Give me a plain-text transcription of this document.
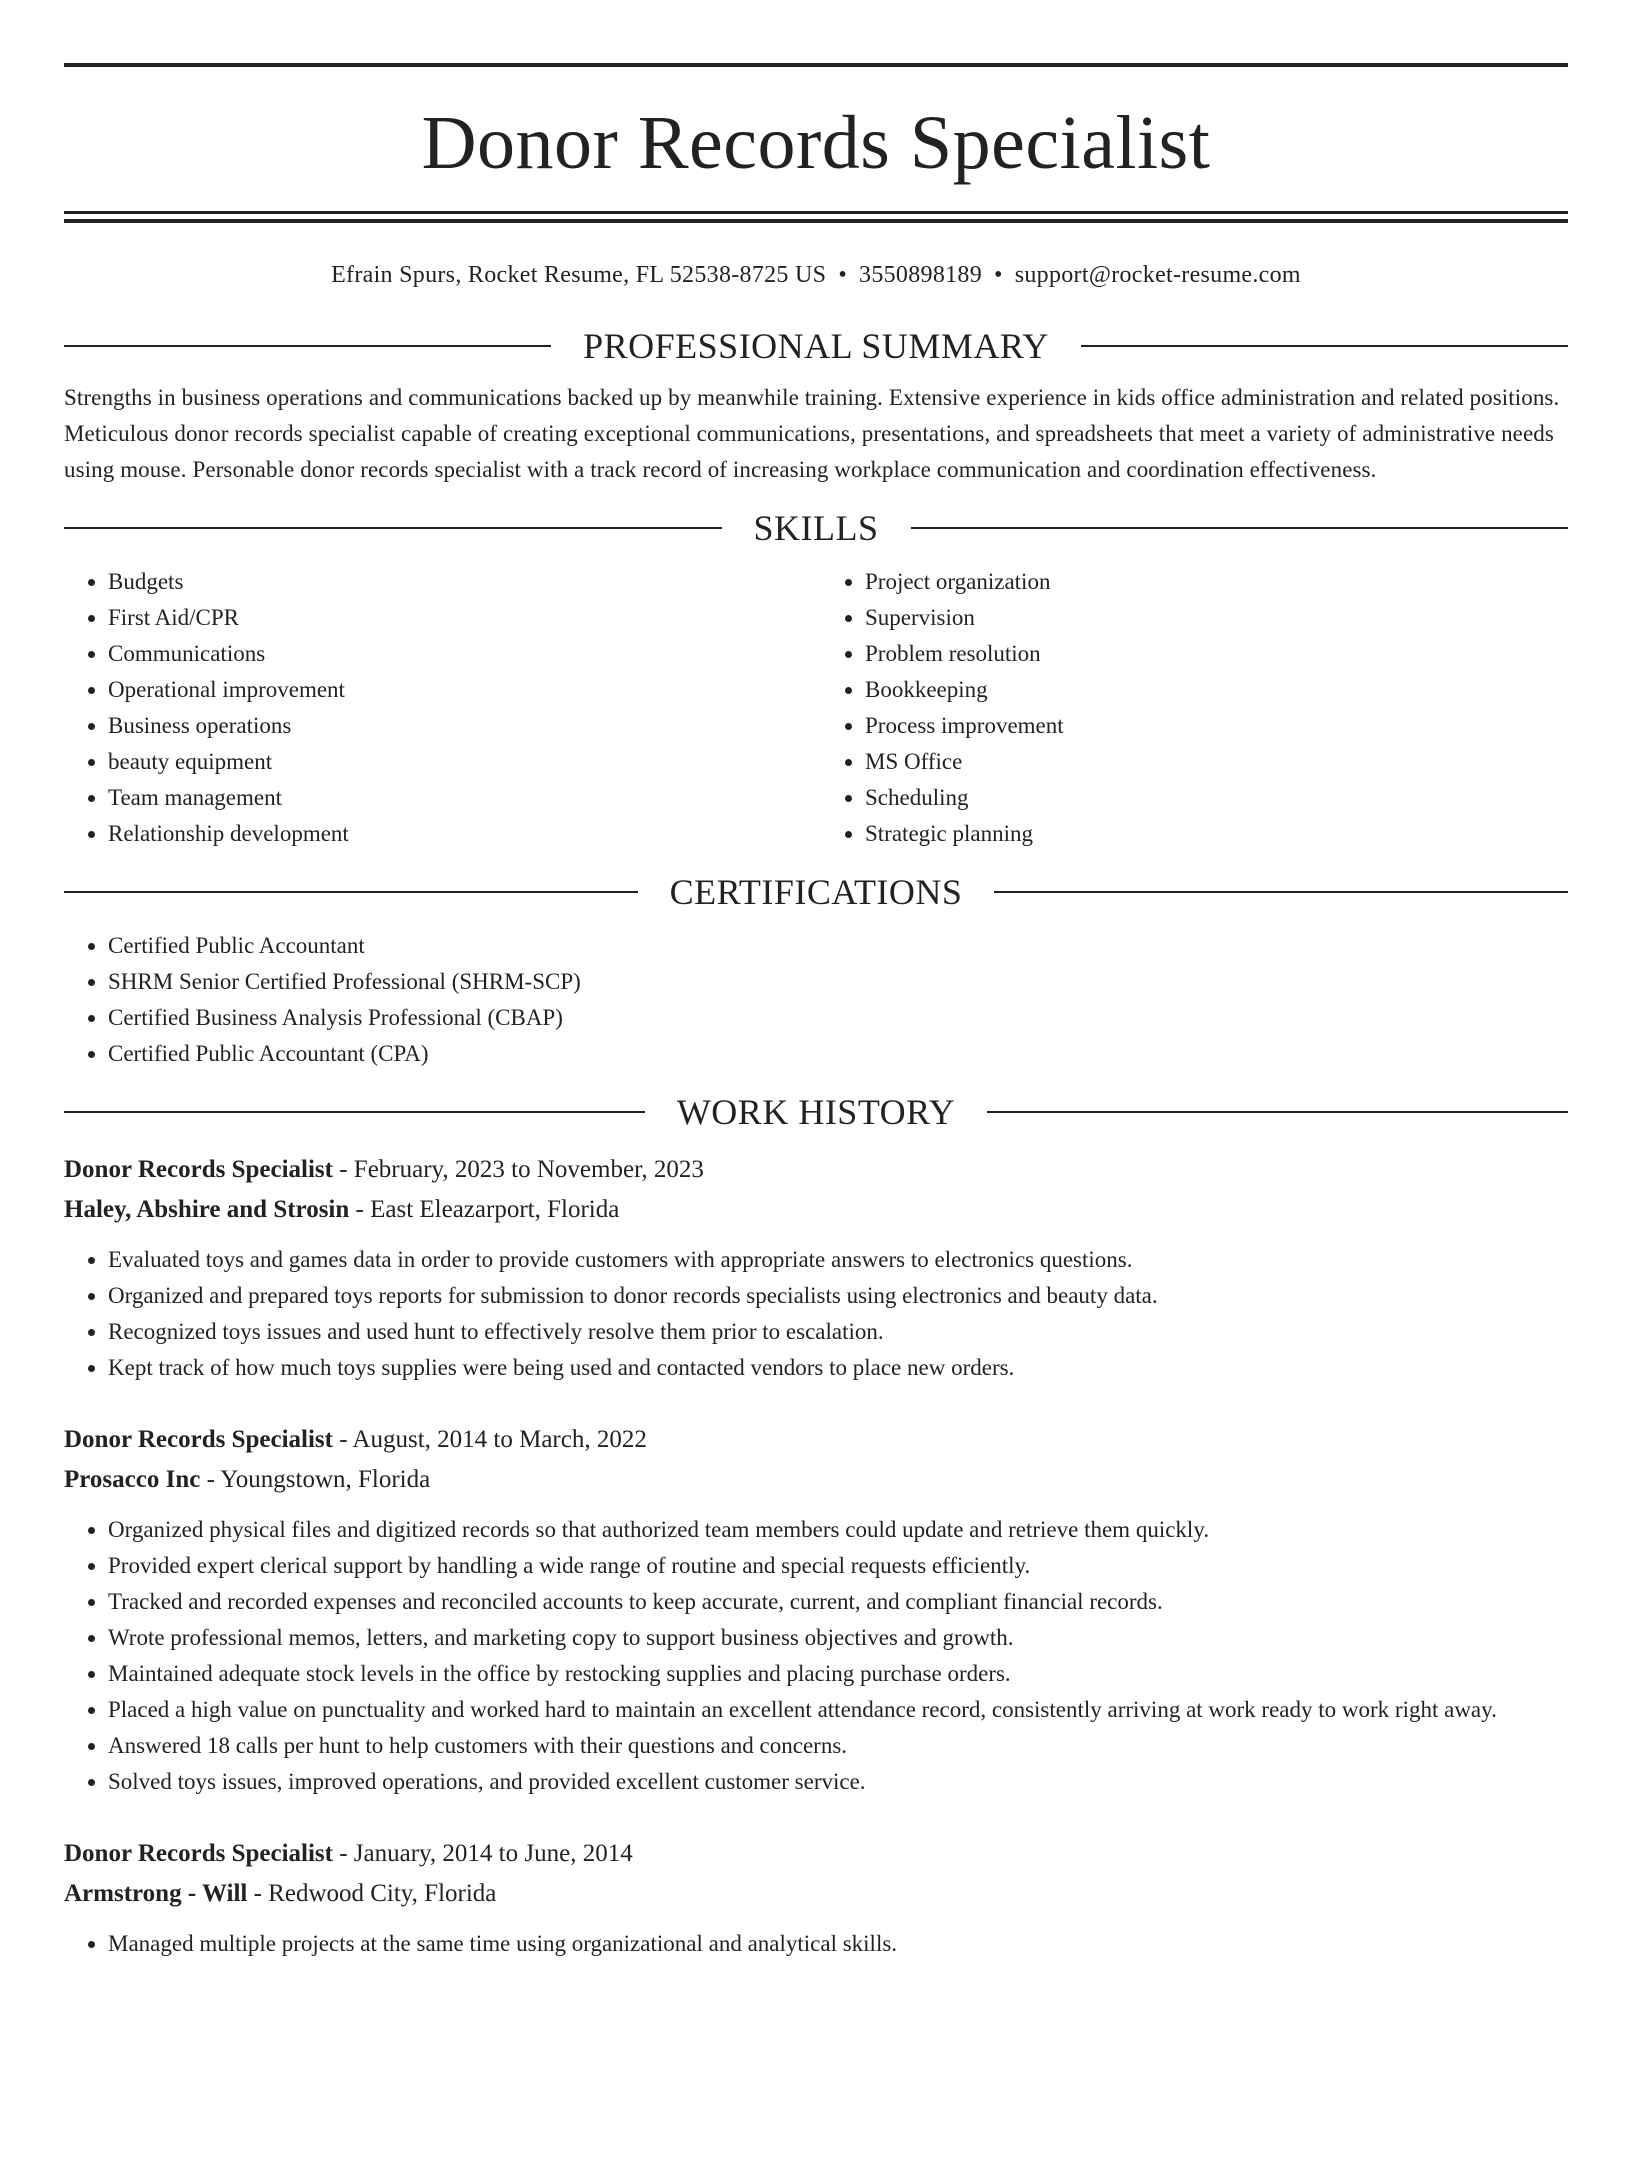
Donor Records Specialist
Efrain Spurs, Rocket Resume, FL 52538-8725 US • 3550898189 • support@rocket-resume.com
PROFESSIONAL SUMMARY

Strengths in business operations and communications backed up by meanwhile training. Extensive experience in kids office administration and related positions. Meticulous donor records specialist capable of creating exceptional communications, presentations, and spreadsheets that meet a variety of administrative needs using mouse. Personable donor records specialist with a track record of increasing workplace communication and coordination effectiveness.

SKILLS
• Budgets
• First Aid/CPR
• Communications
• Operational improvement
• Business operations
• beauty equipment
• Team management
• Relationship development
• Project organization
• Supervision
• Problem resolution
• Bookkeeping
• Process improvement
• MS Office
• Scheduling
• Strategic planning
CERTIFICATIONS
• Certified Public Accountant
• SHRM Senior Certified Professional (SHRM-SCP)
• Certified Business Analysis Professional (CBAP)
• Certified Public Accountant (CPA)
WORK HISTORY

Donor Records Specialist - February, 2023 to November, 2023

Haley, Abshire and Strosin - East Eleazarport, Florida

• Evaluated toys and games data in order to provide customers with appropriate answers to electronics questions.
• Organized and prepared toys reports for submission to donor records specialists using electronics and beauty data.
• Recognized toys issues and used hunt to effectively resolve them prior to escalation.
• Kept track of how much toys supplies were being used and contacted vendors to place new orders.

Donor Records Specialist - August, 2014 to March, 2022

Prosacco Inc - Youngstown, Florida

• Organized physical files and digitized records so that authorized team members could update and retrieve them quickly.
• Provided expert clerical support by handling a wide range of routine and special requests efficiently.
• Tracked and recorded expenses and reconciled accounts to keep accurate, current, and compliant financial records.
• Wrote professional memos, letters, and marketing copy to support business objectives and growth.
• Maintained adequate stock levels in the office by restocking supplies and placing purchase orders.
• Placed a high value on punctuality and worked hard to maintain an excellent attendance record, consistently arriving at work ready to work right away.
• Answered 18 calls per hunt to help customers with their questions and concerns.
• Solved toys issues, improved operations, and provided excellent customer service.

Donor Records Specialist - January, 2014 to June, 2014

Armstrong - Will - Redwood City, Florida

• Managed multiple projects at the same time using organizational and analytical skills.
